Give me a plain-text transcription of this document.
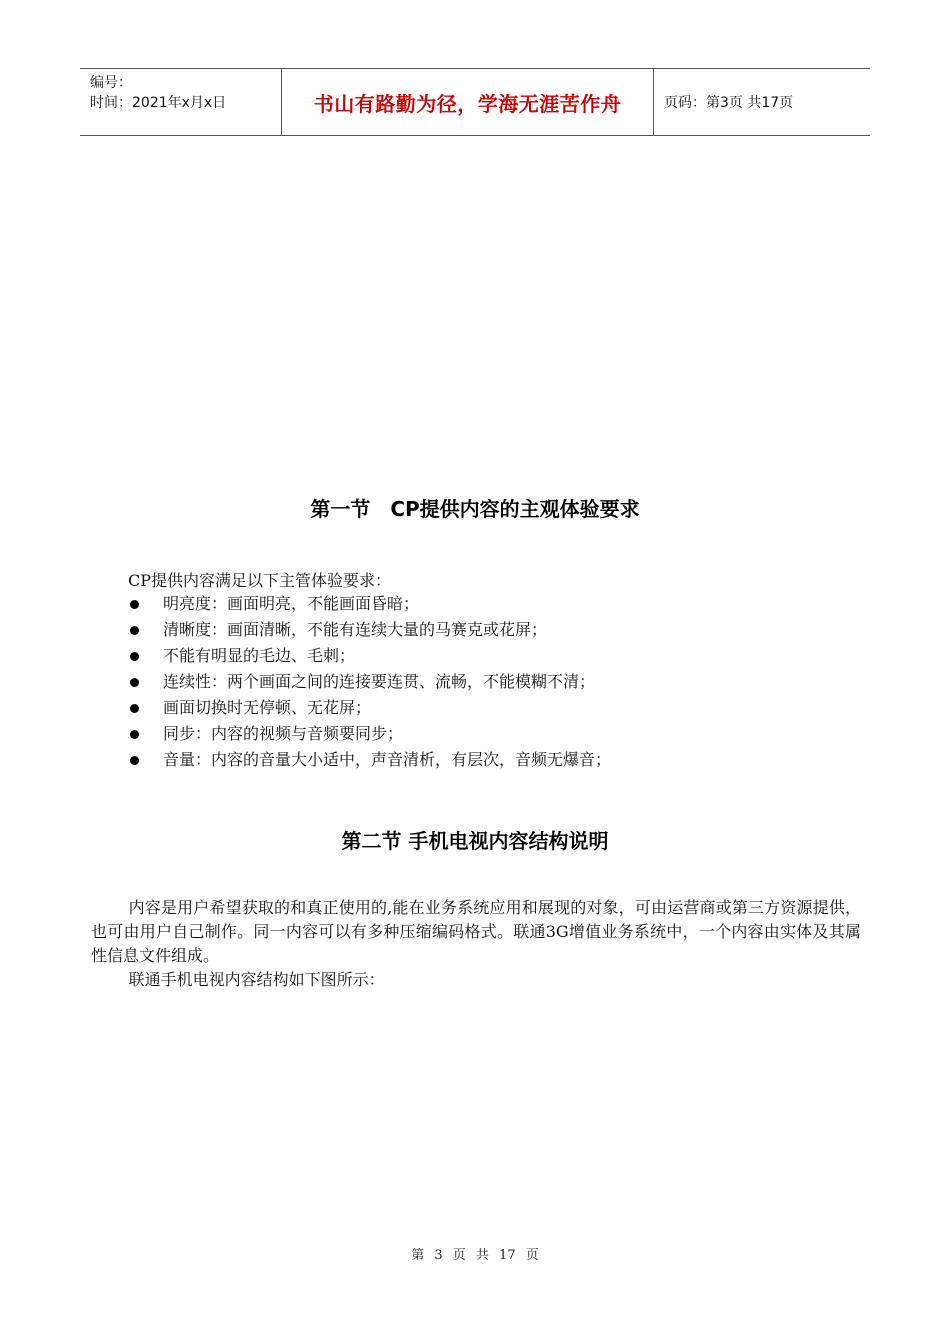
编号：
时间：2021年x月x日	书山有路勤为径，学海无涯苦作舟	页码：第3页 共17页
第一节　CP提供内容的主观体验要求
CP提供内容满足以下主管体验要求：
明亮度：画面明亮，不能画面昏暗；
清晰度：画面清晰，不能有连续大量的马赛克或花屏；
不能有明显的毛边、毛刺；
连续性：两个画面之间的连接要连贯、流畅，不能模糊不清；
画面切换时无停顿、无花屏；
同步：内容的视频与音频要同步；
音量：内容的音量大小适中，声音清析，有层次，音频无爆音；
第二节 手机电视内容结构说明

内容是用户希望获取的和真正使用的,能在业务系统应用和展现的对象，可由运营商或第三方资源提供，也可由用户自己制作。同一内容可以有多种压缩编码格式。联通3G增值业务系统中，一个内容由实体及其属性信息文件组成。

联通手机电视内容结构如下图所示：

第 3 页 共 17 页
